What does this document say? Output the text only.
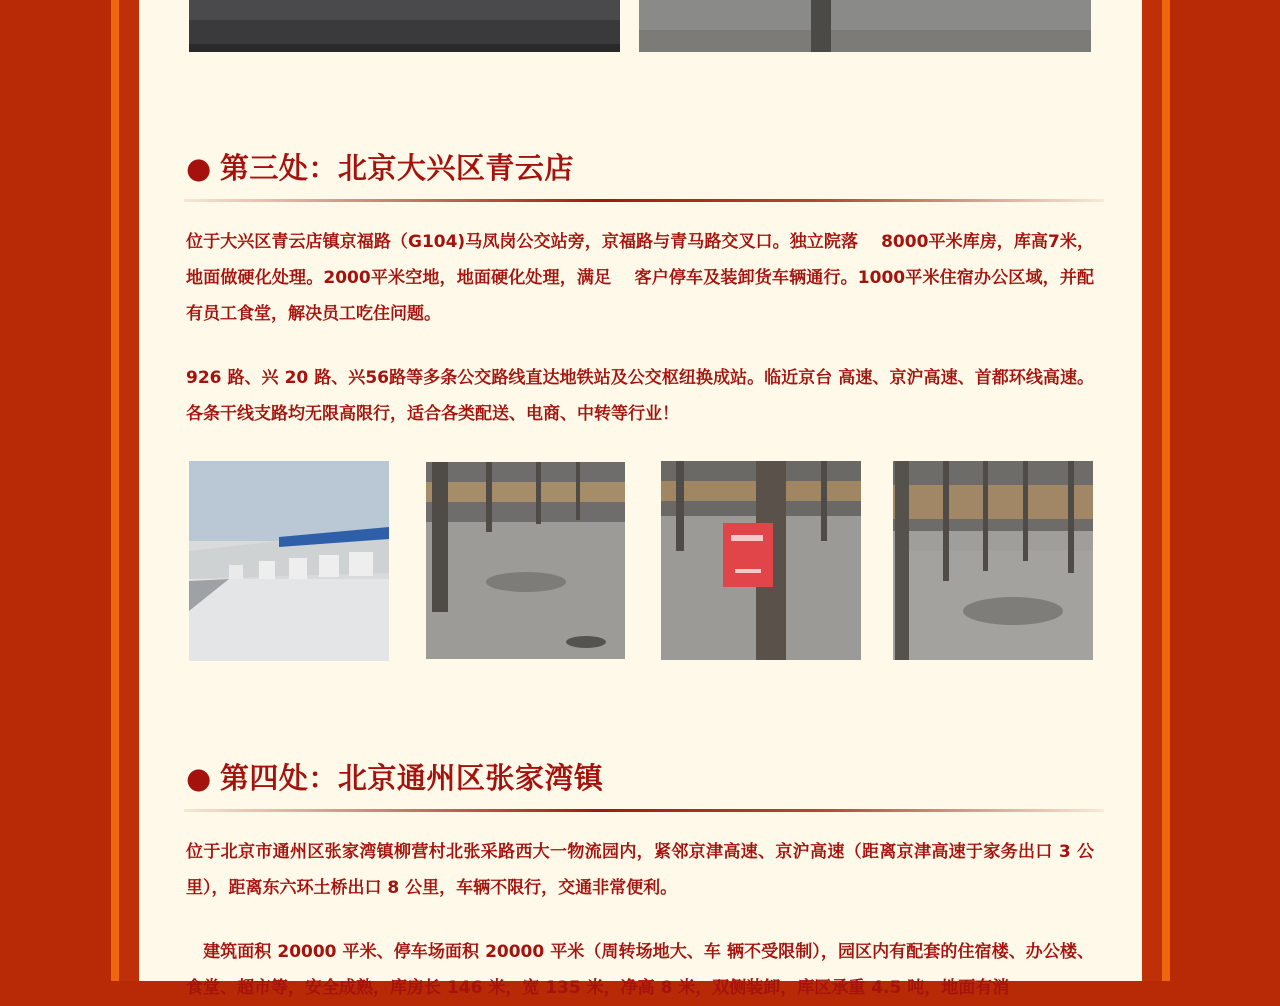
● 第三处：北京大兴区青云店
位于大兴区青云店镇京福路（G104)马凤岗公交站旁，京福路与青马路交叉口。独立院落　 8000平米库房，库高7米，地面做硬化处理。2000平米空地，地面硬化处理，满足　 客户停车及装卸货车辆通行。1000平米住宿办公区域，并配 有员工食堂，解决员工吃住问题。
926 路、兴 20 路、兴56路等多条公交路线直达地铁站及公交枢纽换成站。临近京台 高速、京沪高速、首都环线高速。各条干线支路均无限高限行，适合各类配送、电商、中转等行业！
● 第四处：北京通州区张家湾镇
位于北京市通州区张家湾镇柳营村北张采路西大一物流园内，紧邻京津高速、京沪高速（距离京津高速于家务出口 3 公里），距离东六环土桥出口 8 公里，车辆不限行，交通非常便利。
　建筑面积 20000 平米、停车场面积 20000 平米（周转场地大、车 辆不受限制），园区内有配套的住宿楼、办公楼、食堂、超市等，安全成熟，库房长 146 米，宽 135 米，净高 8 米，双侧装卸，库区承重 4.5 吨，地面有消
